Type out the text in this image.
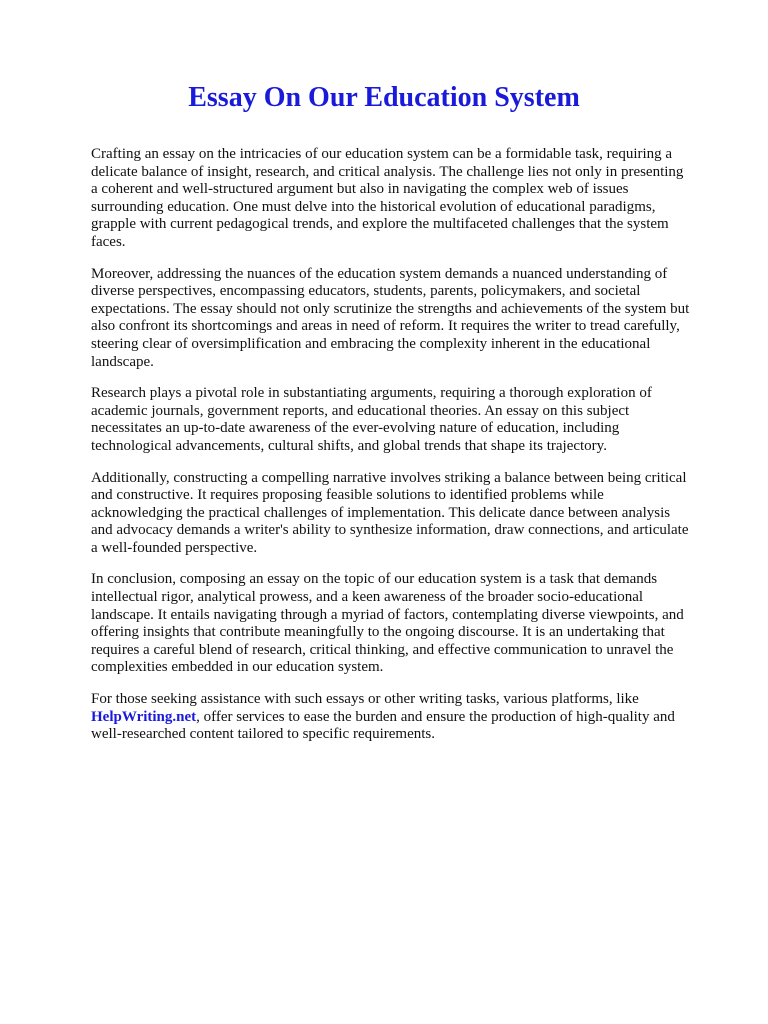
Essay On Our Education System

Crafting an essay on the intricacies of our education system can be a formidable task, requiring a delicate balance of insight, research, and critical analysis. The challenge lies not only in presenting a coherent and well-structured argument but also in navigating the complex web of issues surrounding education. One must delve into the historical evolution of educational paradigms, grapple with current pedagogical trends, and explore the multifaceted challenges that the system faces.

Moreover, addressing the nuances of the education system demands a nuanced understanding of diverse perspectives, encompassing educators, students, parents, policymakers, and societal expectations. The essay should not only scrutinize the strengths and achievements of the system but also confront its shortcomings and areas in need of reform. It requires the writer to tread carefully, steering clear of oversimplification and embracing the complexity inherent in the educational landscape.

Research plays a pivotal role in substantiating arguments, requiring a thorough exploration of academic journals, government reports, and educational theories. An essay on this subject necessitates an up-to-date awareness of the ever-evolving nature of education, including technological advancements, cultural shifts, and global trends that shape its trajectory.

Additionally, constructing a compelling narrative involves striking a balance between being critical and constructive. It requires proposing feasible solutions to identified problems while acknowledging the practical challenges of implementation. This delicate dance between analysis and advocacy demands a writer's ability to synthesize information, draw connections, and articulate a well-founded perspective.

In conclusion, composing an essay on the topic of our education system is a task that demands intellectual rigor, analytical prowess, and a keen awareness of the broader socio-educational landscape. It entails navigating through a myriad of factors, contemplating diverse viewpoints, and offering insights that contribute meaningfully to the ongoing discourse. It is an undertaking that requires a careful blend of research, critical thinking, and effective communication to unravel the complexities embedded in our education system.

For those seeking assistance with such essays or other writing tasks, various platforms, like HelpWriting.net, offer services to ease the burden and ensure the production of high-quality and well-researched content tailored to specific requirements.
